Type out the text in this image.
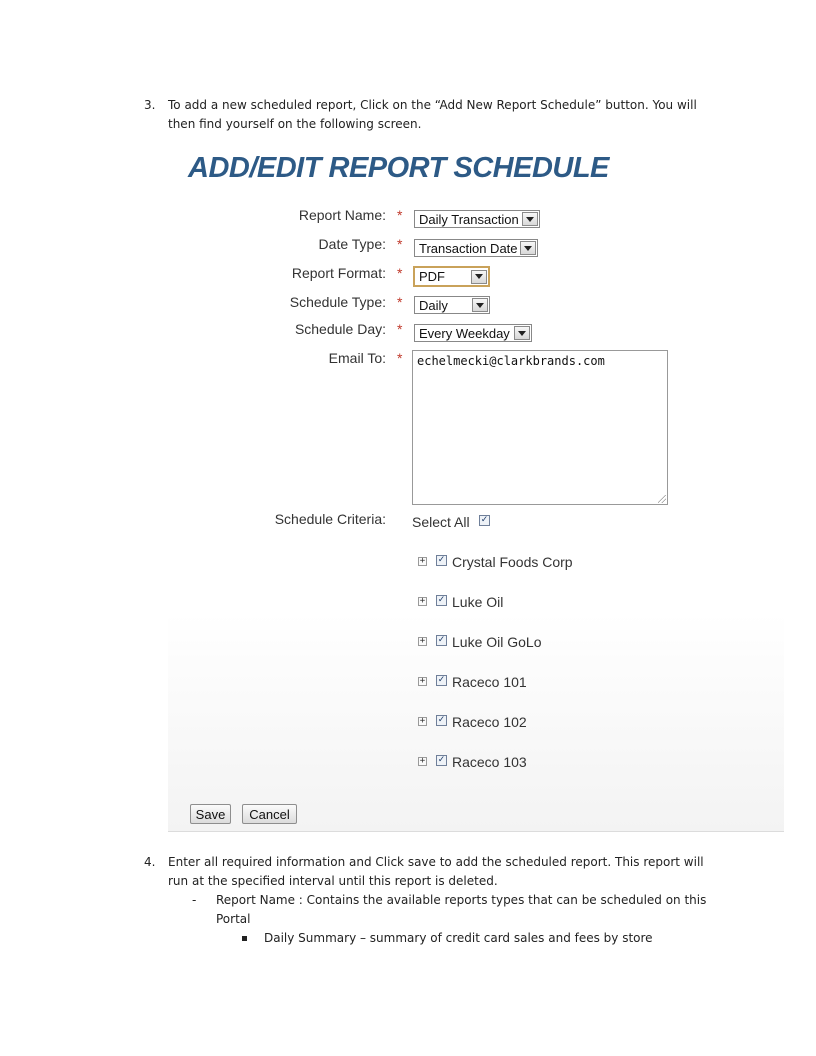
3. To add a new scheduled report, Click on the “Add New Report Schedule” button. You will
then find yourself on the following screen.
ADD/EDIT REPORT SCHEDULE
Report Name: *	Daily Transaction
Date Type: *	Transaction Date
Report Format: *	PDF
Schedule Type: *	Daily
Schedule Day: *	Every Weekday
Email To: *	echelmecki@clarkbrands.com
Schedule Criteria: Select All ✓
+ ✓ Crystal Foods Corp
+ ✓ Luke Oil
+ ✓ Luke Oil GoLo
+ ✓ Raceco 101
+ ✓ Raceco 102
+ ✓ Raceco 103
Save	Cancel
4. Enter all required information and Click save to add the scheduled report. This report will
run at the specified interval until this report is deleted.
- Report Name : Contains the available reports types that can be scheduled on this
Portal
Daily Summary – summary of credit card sales and fees by store
